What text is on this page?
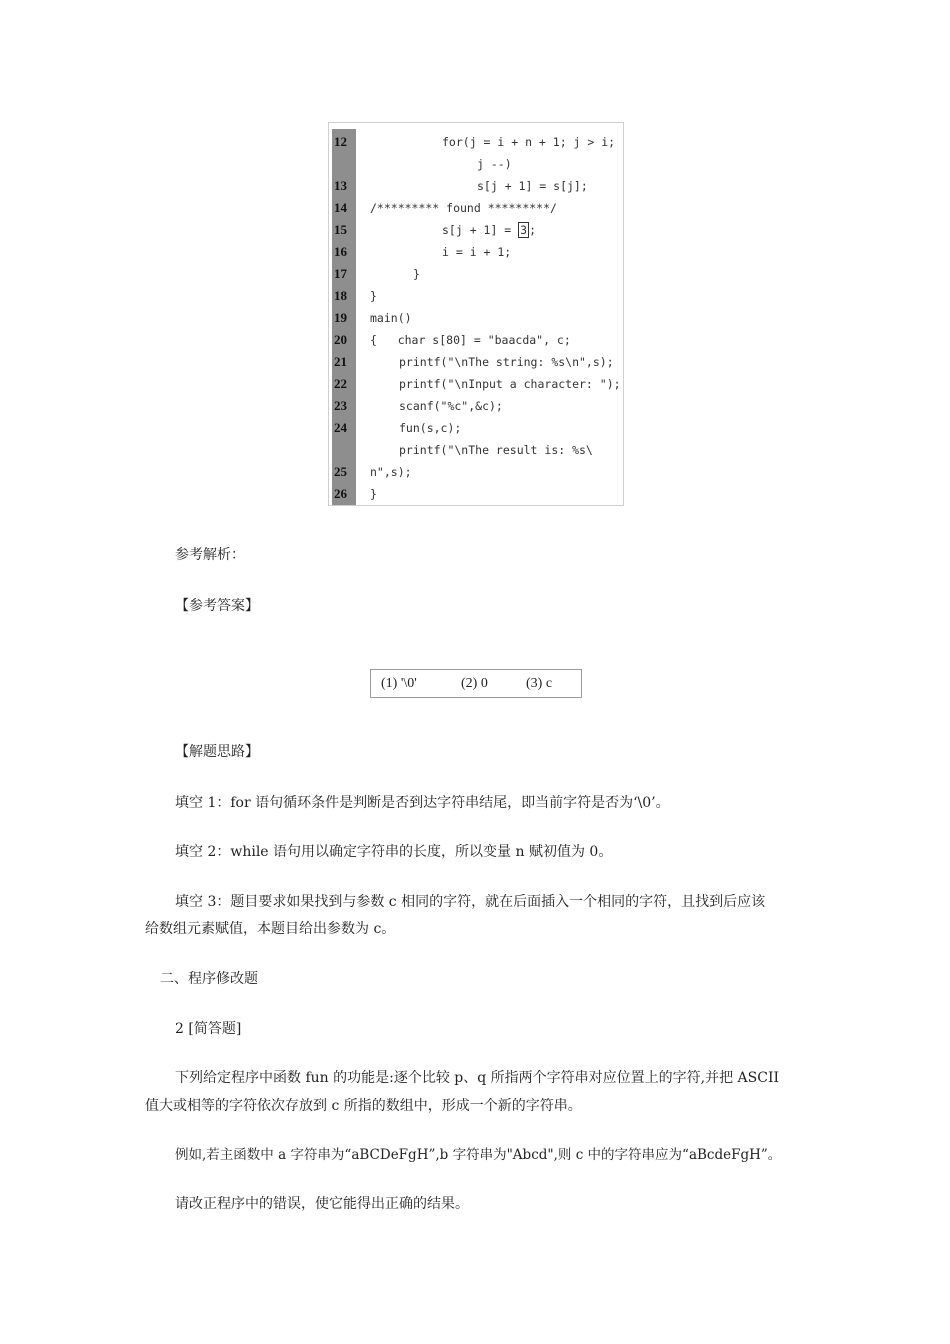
12	for(j = i + n + 1; j > i;
j --)
13	s[j + 1] = s[j];
14	/********* found *********/
15	s[j + 1] = 3 ;
16	i = i + 1;
17	}
18	}
19	main()
20	{   char s[80] = "baacda", c;
21	printf("\nThe string: %s\n",s);
22	printf("\nInput a character: ");
23	scanf("%c",&c);
24	fun(s,c);
printf("\nThe result is: %s\
25	n",s);
26	}
参考解析：
【参考答案】
(1) '\0'	(2) 0	(3) c
【解题思路】
填空 1：for 语句循环条件是判断是否到达字符串结尾，即当前字符是否为‘\0’。
填空 2：while 语句用以确定字符串的长度，所以变量 n 赋初值为 0。
填空 3：题目要求如果找到与参数 c 相同的字符，就在后面插入一个相同的字符，且找到后应该
给数组元素赋值，本题目给出参数为 c。
二、程序修改题
2 [简答题]
下列给定程序中函数 fun 的功能是:逐个比较 p、q 所指两个字符串对应位置上的字符,并把 ASCII
值大或相等的字符依次存放到 c 所指的数组中，形成一个新的字符串。
例如,若主函数中 a 字符串为“aBCDeFgH”,b 字符串为"Abcd",则 c 中的字符串应为“aBcdeFgH”。
请改正程序中的错误，使它能得出正确的结果。
